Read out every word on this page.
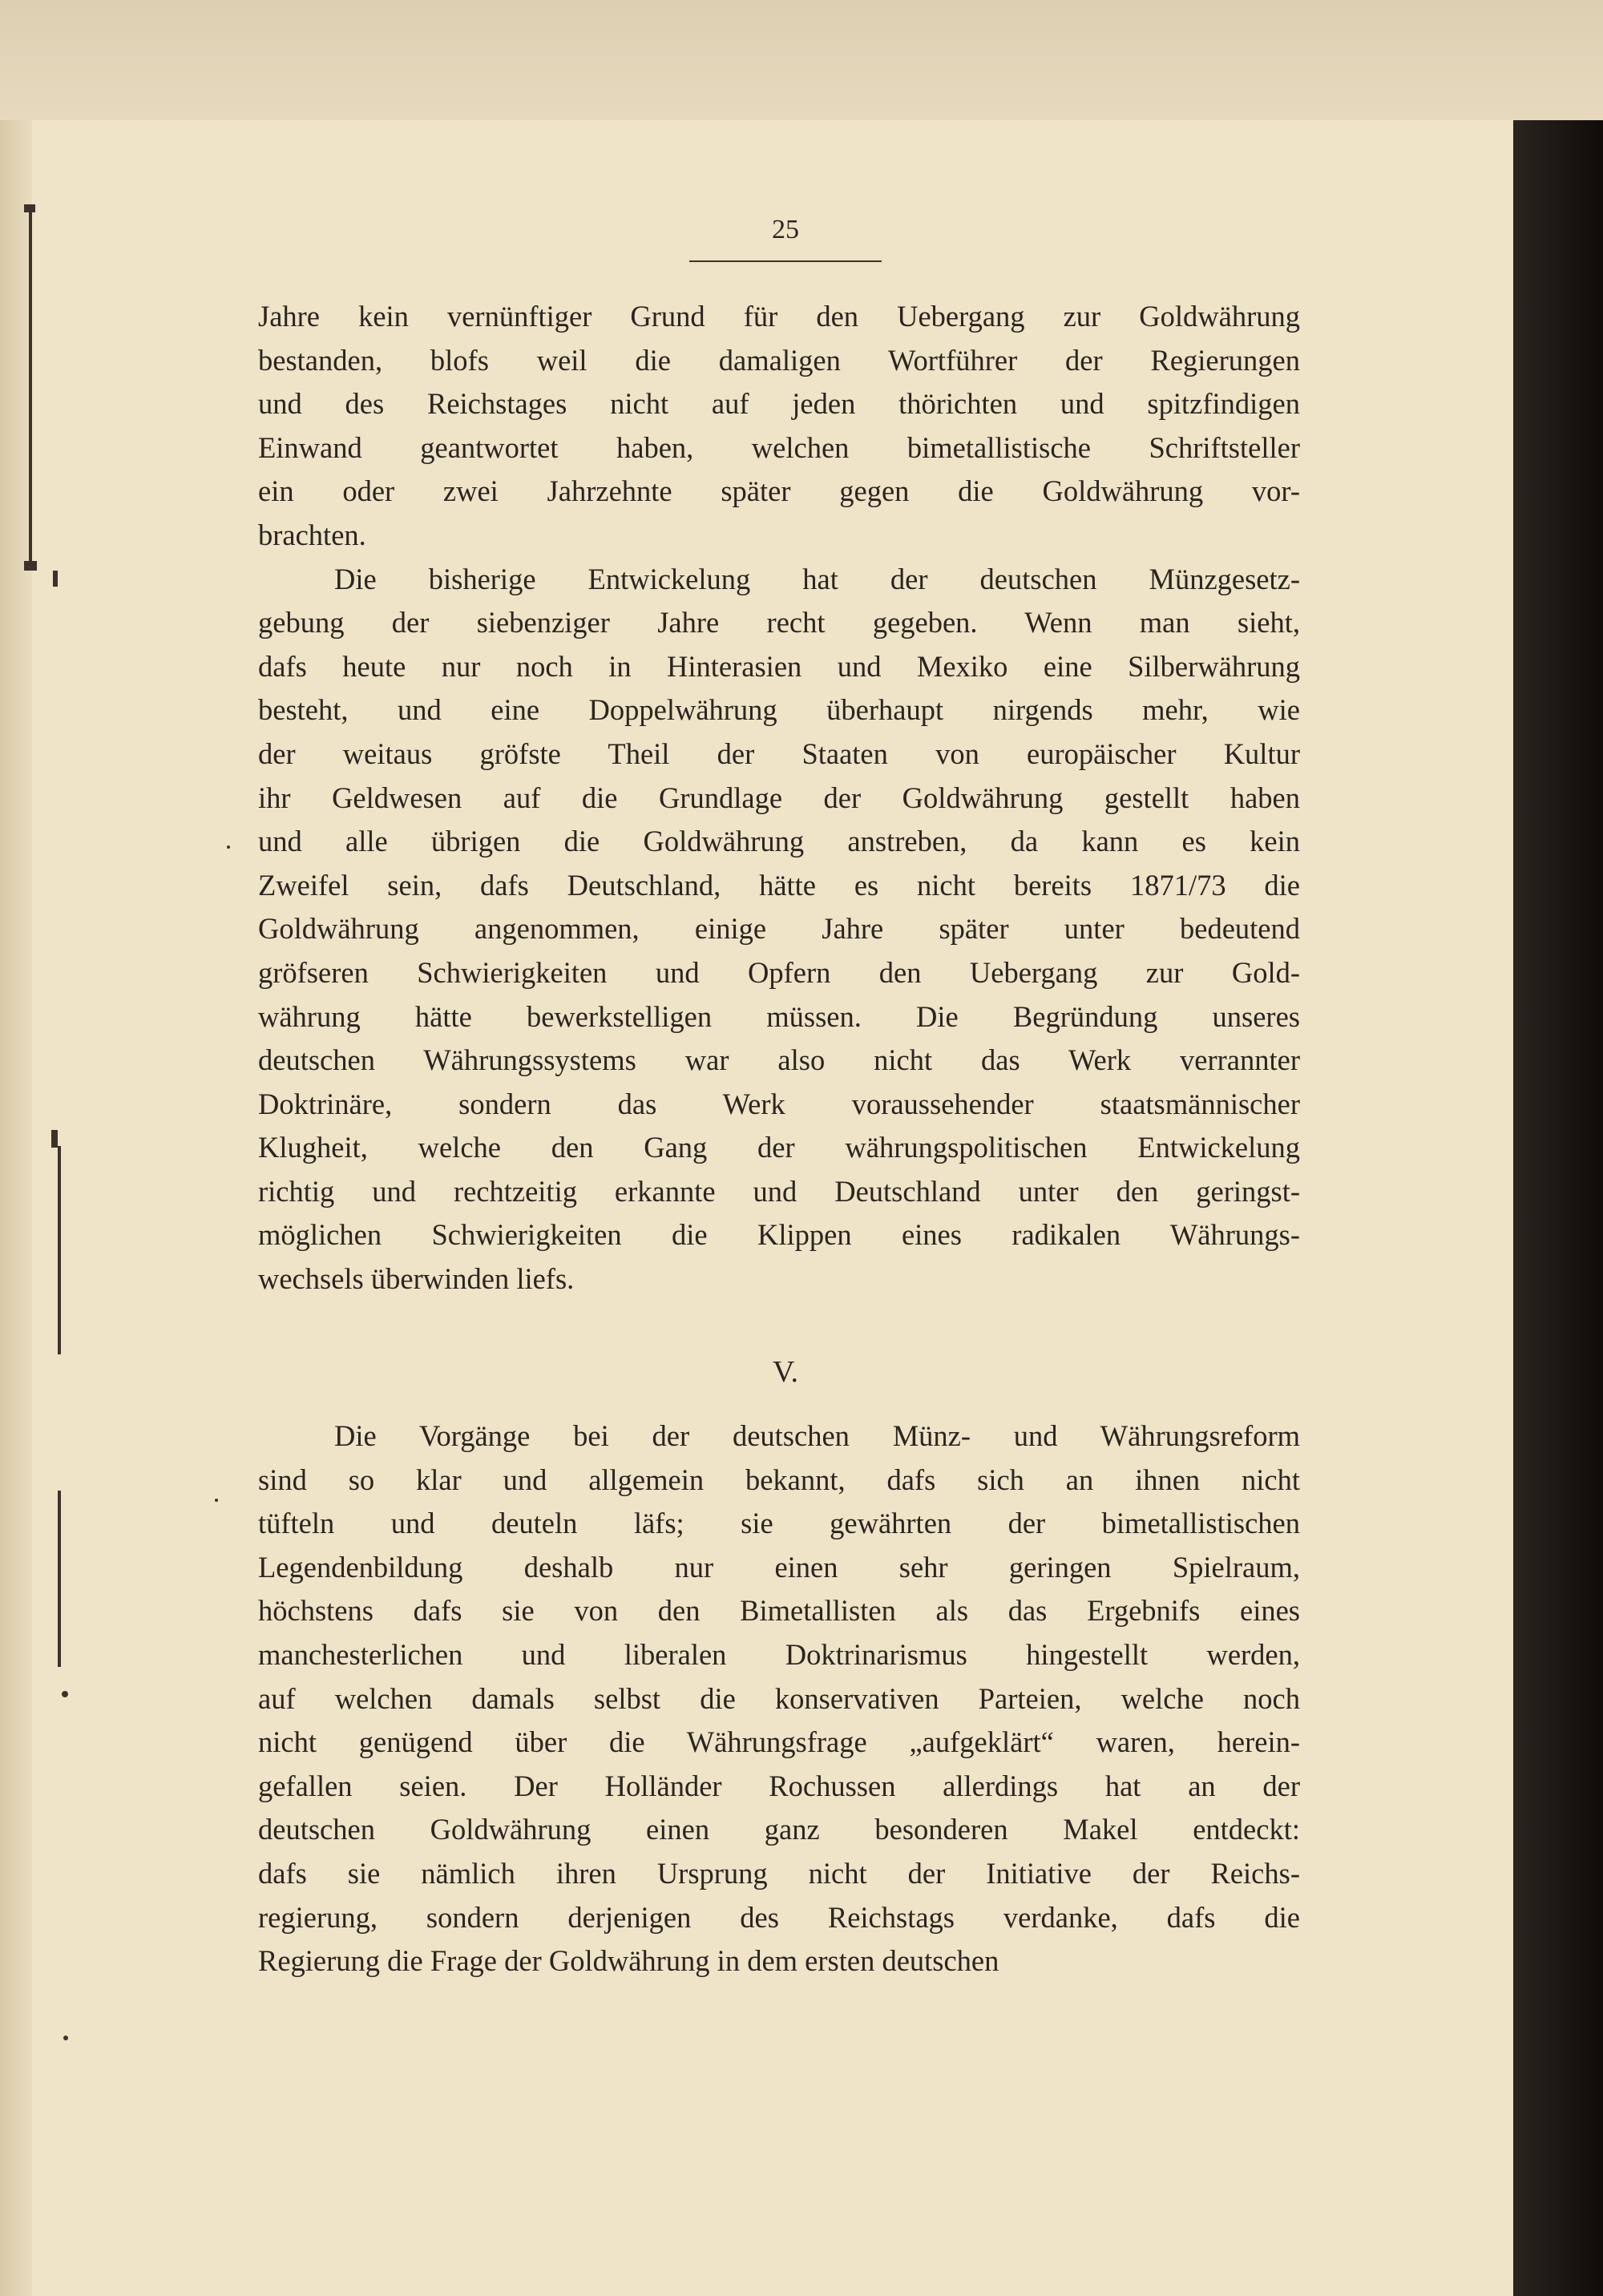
25
Jahre kein vernünftiger Grund für den Uebergang zur Goldwährung
bestanden, blofs weil die damaligen Wortführer der Regierungen
und des Reichstages nicht auf jeden thörichten und spitzfindigen
Einwand geantwortet haben, welchen bimetallistische Schriftsteller
ein oder zwei Jahrzehnte später gegen die Goldwährung vor-
brachten.
Die bisherige Entwickelung hat der deutschen Münzgesetz-
gebung der siebenziger Jahre recht gegeben. Wenn man sieht,
dafs heute nur noch in Hinterasien und Mexiko eine Silberwährung
besteht, und eine Doppelwährung überhaupt nirgends mehr, wie
der weitaus gröfste Theil der Staaten von europäischer Kultur
ihr Geldwesen auf die Grundlage der Goldwährung gestellt haben
und alle übrigen die Goldwährung anstreben, da kann es kein
Zweifel sein, dafs Deutschland, hätte es nicht bereits 1871/73 die
Goldwährung angenommen, einige Jahre später unter bedeutend
gröfseren Schwierigkeiten und Opfern den Uebergang zur Gold-
währung hätte bewerkstelligen müssen. Die Begründung unseres
deutschen Währungssystems war also nicht das Werk verrannter
Doktrinäre, sondern das Werk voraussehender staatsmännischer
Klugheit, welche den Gang der währungspolitischen Entwickelung
richtig und rechtzeitig erkannte und Deutschland unter den geringst-
möglichen Schwierigkeiten die Klippen eines radikalen Währungs-
wechsels überwinden liefs.
V.
Die Vorgänge bei der deutschen Münz- und Währungsreform
sind so klar und allgemein bekannt, dafs sich an ihnen nicht
tüfteln und deuteln läfs; sie gewährten der bimetallistischen
Legendenbildung deshalb nur einen sehr geringen Spielraum,
höchstens dafs sie von den Bimetallisten als das Ergebnifs eines
manchesterlichen und liberalen Doktrinarismus hingestellt werden,
auf welchen damals selbst die konservativen Parteien, welche noch
nicht genügend über die Währungsfrage „aufgeklärt“ waren, herein-
gefallen seien. Der Holländer Rochussen allerdings hat an der
deutschen Goldwährung einen ganz besonderen Makel entdeckt:
dafs sie nämlich ihren Ursprung nicht der Initiative der Reichs-
regierung, sondern derjenigen des Reichstags verdanke, dafs die
Regierung die Frage der Goldwährung in dem ersten deutschen
